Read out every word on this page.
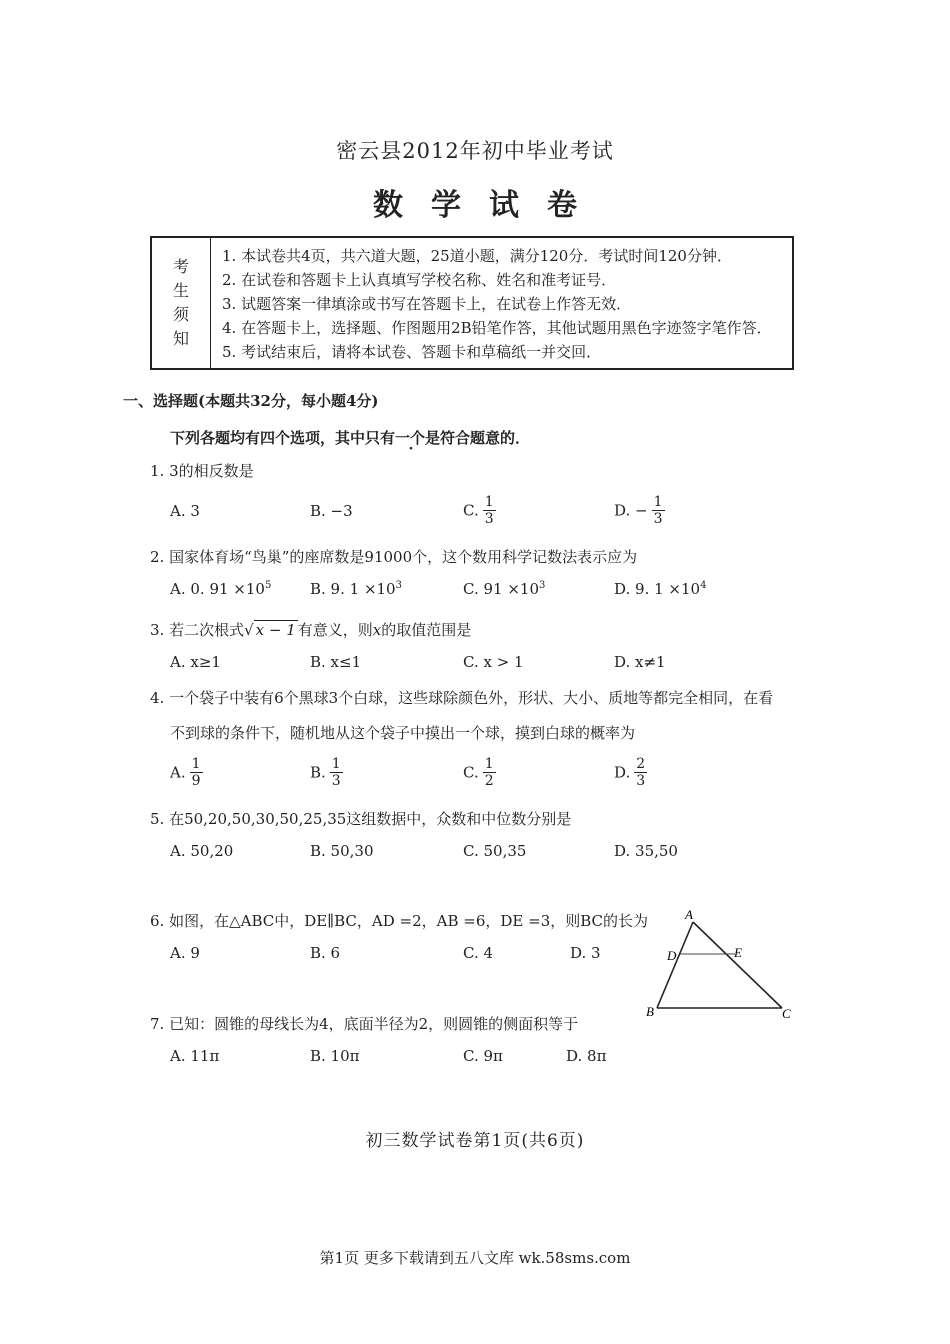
密云县2012年初中毕业考试
数学试卷
考
生
须
知
1. 本试卷共4页，共六道大题，25道小题，满分120分．考试时间120分钟．
2. 在试卷和答题卡上认真填写学校名称、姓名和准考证号．
3. 试题答案一律填涂或书写在答题卡上，在试卷上作答无效．
4. 在答题卡上，选择题、作图题用2B铅笔作答，其他试题用黑色字迹签字笔作答．
5. 考试结束后，请将本试卷、答题卡和草稿纸一并交回．
一、选择题(本题共32分，每小题4分)
下列各题均有四个选项，其中只有一个是符合题意的．
1. 3的相反数是
A. 3	B. −3	C. $\frac{1}{3}$	D. − $\frac{1}{3}$
2. 国家体育场“鸟巢”的座席数是91000个，这个数用科学记数法表示应为
A. 0. $91 \times 10^5$	B. 9. $1 \times 10^3$	C. $91 \times 10^3$	D. 9. $1 \times 10^4$
3. 若二次根式√ x − 1 有意义，则x的取值范围是
A. x≥1	B. x≤1	C. x > 1	D. x≠1
4. 一个袋子中装有6个黑球3个白球，这些球除颜色外，形状、大小、质地等都完全相同，在看
不到球的条件下，随机地从这个袋子中摸出一个球，摸到白球的概率为
A. $\frac{1}{9}$	B. $\frac{1}{3}$	C. $\frac{1}{2}$	D. $\frac{2}{3}$
5. 在50,20,50,30,50,25,35这组数据中，众数和中位数分别是
A. 50,20	B. 50,30	C. 50,35	D. 35,50
6. 如图，在△ABC中，DE∥BC，AD =2，AB =6，DE =3，则BC的长为
A. 9	B. 6	C. 4	D. 3
A
D	E
B	C
7. 已知：圆锥的母线长为4，底面半径为2，则圆锥的侧面积等于
A. 11π	B. 10π	C. 9π	D. 8π
初三数学试卷第1页(共6页)
第1页 更多下载请到五八文库 wk.58sms.com
